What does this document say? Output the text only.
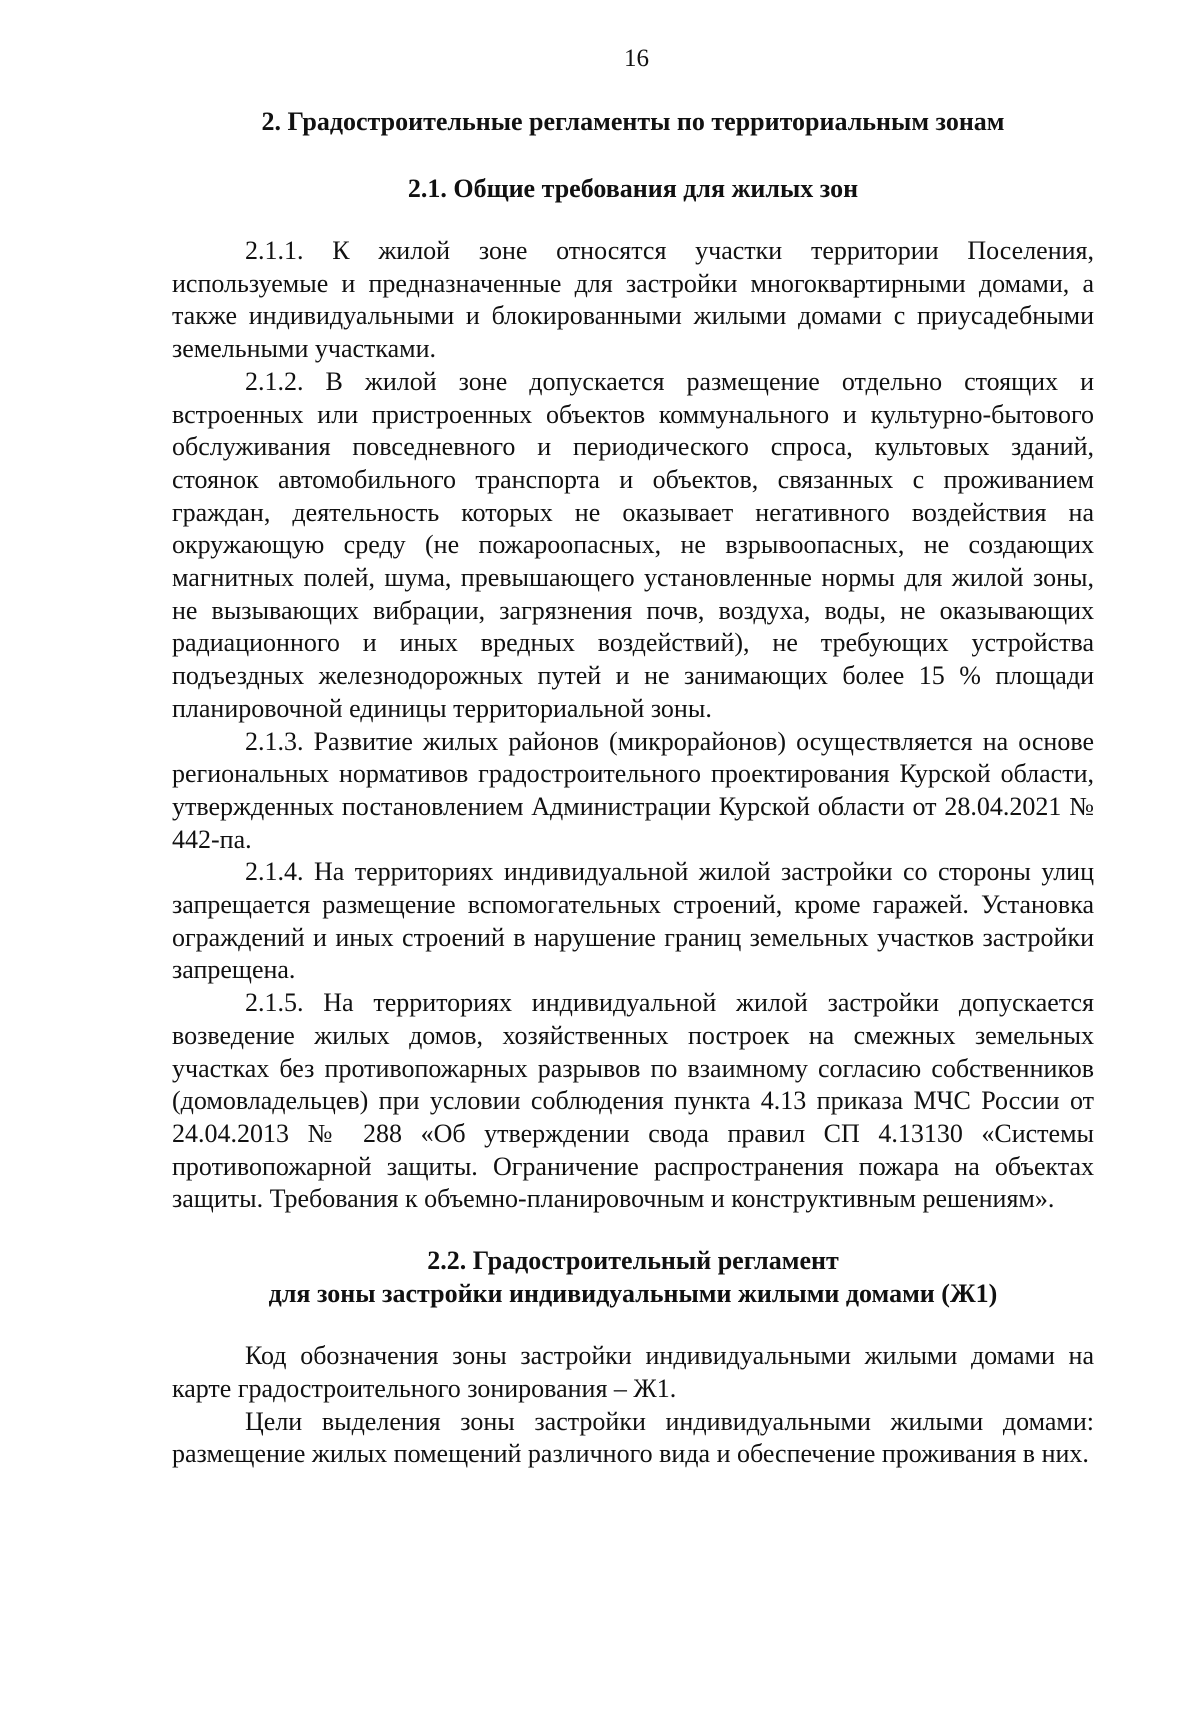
16

2. Градостроительные регламенты по территориальным зонам

2.1. Общие требования для жилых зон

2.1.1. К жилой зоне относятся участки территории Поселения, используемые и предназначенные для застройки многоквартирными домами, а также индивидуальными и блокированными жилыми домами с приусадебными земельными участками.

2.1.2. В жилой зоне допускается размещение отдельно стоящих и встроенных или пристроенных объектов коммунального и культурно-бытового обслуживания повседневного и периодического спроса, культовых зданий, стоянок автомобильного транспорта и объектов, связанных с проживанием граждан, деятельность которых не оказывает негативного воздействия на окружающую среду (не пожароопасных, не взрывоопасных, не создающих магнитных полей, шума, превышающего установленные нормы для жилой зоны, не вызывающих вибрации, загрязнения почв, воздуха, воды, не оказывающих радиационного и иных вредных воздействий), не требующих устройства подъездных железнодорожных путей и не занимающих более 15 % площади планировочной единицы территориальной зоны.

2.1.3. Развитие жилых районов (микрорайонов) осуществляется на основе региональных нормативов градостроительного проектирования Курской области, утвержденных постановлением Администрации Курской области от 28.04.2021 № 442-па.

2.1.4. На территориях индивидуальной жилой застройки со стороны улиц запрещается размещение вспомогательных строений, кроме гаражей. Установка ограждений и иных строений в нарушение границ земельных участков застройки запрещена.

2.1.5. На территориях индивидуальной жилой застройки допускается возведение жилых домов, хозяйственных построек на смежных земельных участках без противопожарных разрывов по взаимному согласию собственников (домовладельцев) при условии соблюдения пункта 4.13 приказа МЧС России от 24.04.2013 № 288 «Об утверждении свода правил СП 4.13130 «Системы противопожарной защиты. Ограничение распространения пожара на объектах защиты. Требования к объемно-планировочным и конструктивным решениям».

2.2. Градостроительный регламент

для зоны застройки индивидуальными жилыми домами (Ж1)

Код обозначения зоны застройки индивидуальными жилыми домами на карте градостроительного зонирования – Ж1.

Цели выделения зоны застройки индивидуальными жилыми домами: размещение жилых помещений различного вида и обеспечение проживания в них.
